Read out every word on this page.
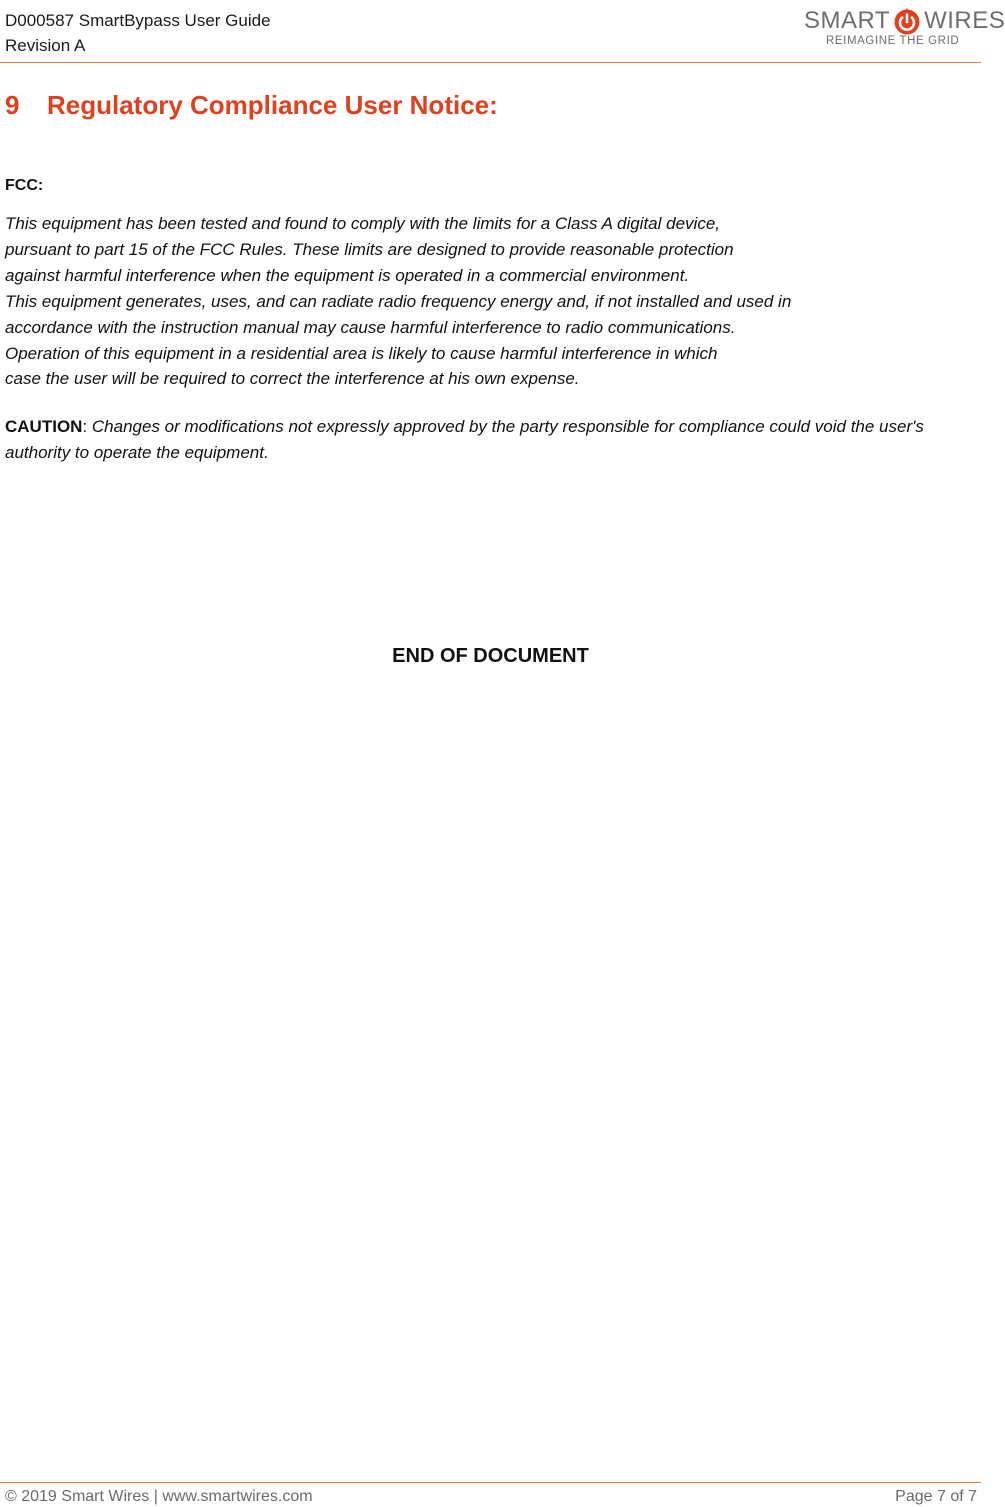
D000587 SmartBypass User Guide
Revision A
SMART WIRES
REIMAGINE THE GRID
9 Regulatory Compliance User Notice:
FCC:
This equipment has been tested and found to comply with the limits for a Class A digital device,
pursuant to part 15 of the FCC Rules. These limits are designed to provide reasonable protection
against harmful interference when the equipment is operated in a commercial environment.
This equipment generates, uses, and can radiate radio frequency energy and, if not installed and used in
accordance with the instruction manual may cause harmful interference to radio communications.
Operation of this equipment in a residential area is likely to cause harmful interference in which
case the user will be required to correct the interference at his own expense.
CAUTION: Changes or modifications not expressly approved by the party responsible for compliance could void the user's authority to operate the equipment.
END OF DOCUMENT
© 2019 Smart Wires | www.smartwires.com	Page 7 of 7
